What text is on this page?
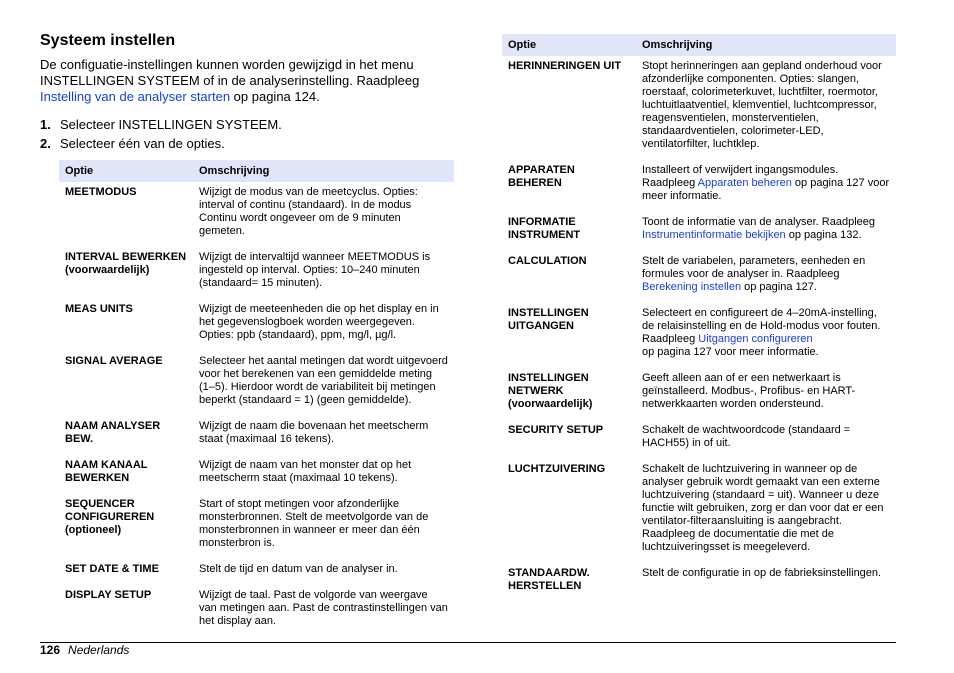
Systeem instellen

De configuatie-instellingen kunnen worden gewijzigd in het menu INSTELLINGEN SYSTEEM of in de analyserinstelling. Raadpleeg
Instelling van de analyser starten op pagina 124.

1. Selecteer INSTELLINGEN SYSTEEM.
2. Selecteer één van de opties.
Optie	Omschrijving
MEETMODUS	Wijzigt de modus van de meetcyclus. Opties: interval of continu (standaard). In de modus Continu wordt ongeveer om de 9 minuten gemeten.
INTERVAL BEWERKEN (voorwaardelijk)	Wijzigt de intervaltijd wanneer MEETMODUS is ingesteld op interval. Opties: 10–240 minuten (standaard= 15 minuten).
MEAS UNITS	Wijzigt de meeteenheden die op het display en in het gegevenslogboek worden weergegeven. Opties: ppb (standaard), ppm, mg/l, µg/l.
SIGNAL AVERAGE	Selecteer het aantal metingen dat wordt uitgevoerd voor het berekenen van een gemiddelde meting (1–5). Hierdoor wordt de variabiliteit bij metingen beperkt (standaard = 1) (geen gemiddelde).
NAAM ANALYSER BEW.	Wijzigt de naam die bovenaan het meetscherm staat (maximaal 16 tekens).
NAAM KANAAL BEWERKEN	Wijzigt de naam van het monster dat op het meetscherm staat (maximaal 10 tekens).
SEQUENCER CONFIGUREREN (optioneel)	Start of stopt metingen voor afzonderlijke monsterbronnen. Stelt de meetvolgorde van de monsterbronnen in wanneer er meer dan één monsterbron is.
SET DATE & TIME	Stelt de tijd en datum van de analyser in.
DISPLAY SETUP	Wijzigt de taal. Past de volgorde van weergave van metingen aan. Past de contrastinstellingen van het display aan.
Optie	Omschrijving
HERINNERINGEN UIT	Stopt herinneringen aan gepland onderhoud voor afzonderlijke componenten. Opties: slangen, roerstaaf, colorimeterkuvet, luchtfilter, roermotor, luchtuitlaatventiel, klemventiel, luchtcompressor, reagensventielen, monsterventielen, standaardventielen, colorimeter-LED, ventilatorfilter, luchtklep.
APPARATEN BEHEREN	Installeert of verwijdert ingangsmodules. Raadpleeg Apparaten beheren op pagina 127 voor meer informatie.
INFORMATIE INSTRUMENT	Toont de informatie van de analyser. Raadpleeg Instrumentinformatie bekijken op pagina 132.
CALCULATION	Stelt de variabelen, parameters, eenheden en formules voor de analyser in. Raadpleeg Berekening instellen op pagina 127.
INSTELLINGEN UITGANGEN	Selecteert en configureert de 4–20mA-instelling, de relaisinstelling en de Hold-modus voor fouten. Raadpleeg Uitgangen configureren
op pagina 127 voor meer informatie.
INSTELLINGEN NETWERK (voorwaardelijk)	Geeft alleen aan of er een netwerkaart is geïnstalleerd. Modbus-, Profibus- en HART-netwerkkaarten worden ondersteund.
SECURITY SETUP	Schakelt de wachtwoordcode (standaard = HACH55) in of uit.
LUCHTZUIVERING	Schakelt de luchtzuivering in wanneer op de analyser gebruik wordt gemaakt van een externe luchtzuivering (standaard = uit). Wanneer u deze functie wilt gebruiken, zorg er dan voor dat er een ventilator-filteraansluiting is aangebracht. Raadpleeg de documentatie die met de luchtzuiveringsset is meegeleverd.
STANDAARDW. HERSTELLEN	Stelt de configuratie in op de fabrieksinstellingen.
126 Nederlands
